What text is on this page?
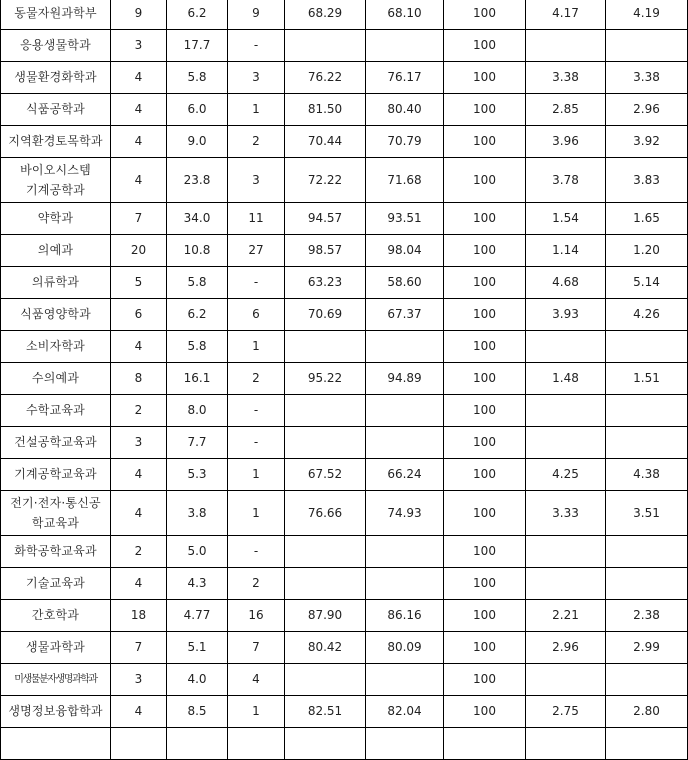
동물자원과학부	9	6.2	9	68.29	68.10	100	4.17	4.19
응용생물학과	3	17.7	-			100		
생물환경화학과	4	5.8	3	76.22	76.17	100	3.38	3.38
식품공학과	4	6.0	1	81.50	80.40	100	2.85	2.96
지역환경토목학과	4	9.0	2	70.44	70.79	100	3.96	3.92
바이오시스템 기계공학과	4	23.8	3	72.22	71.68	100	3.78	3.83
약학과	7	34.0	11	94.57	93.51	100	1.54	1.65
의예과	20	10.8	27	98.57	98.04	100	1.14	1.20
의류학과	5	5.8	-	63.23	58.60	100	4.68	5.14
식품영양학과	6	6.2	6	70.69	67.37	100	3.93	4.26
소비자학과	4	5.8	1			100		
수의예과	8	16.1	2	95.22	94.89	100	1.48	1.51
수학교육과	2	8.0	-			100		
건설공학교육과	3	7.7	-			100		
기계공학교육과	4	5.3	1	67.52	66.24	100	4.25	4.38
전기·전자·통신공 학교육과	4	3.8	1	76.66	74.93	100	3.33	3.51
화학공학교육과	2	5.0	-			100		
기술교육과	4	4.3	2			100		
간호학과	18	4.77	16	87.90	86.16	100	2.21	2.38
생물과학과	7	5.1	7	80.42	80.09	100	2.96	2.99
미생물분자생명과학과	3	4.0	4			100		
생명정보융합학과	4	8.5	1	82.51	82.04	100	2.75	2.80
